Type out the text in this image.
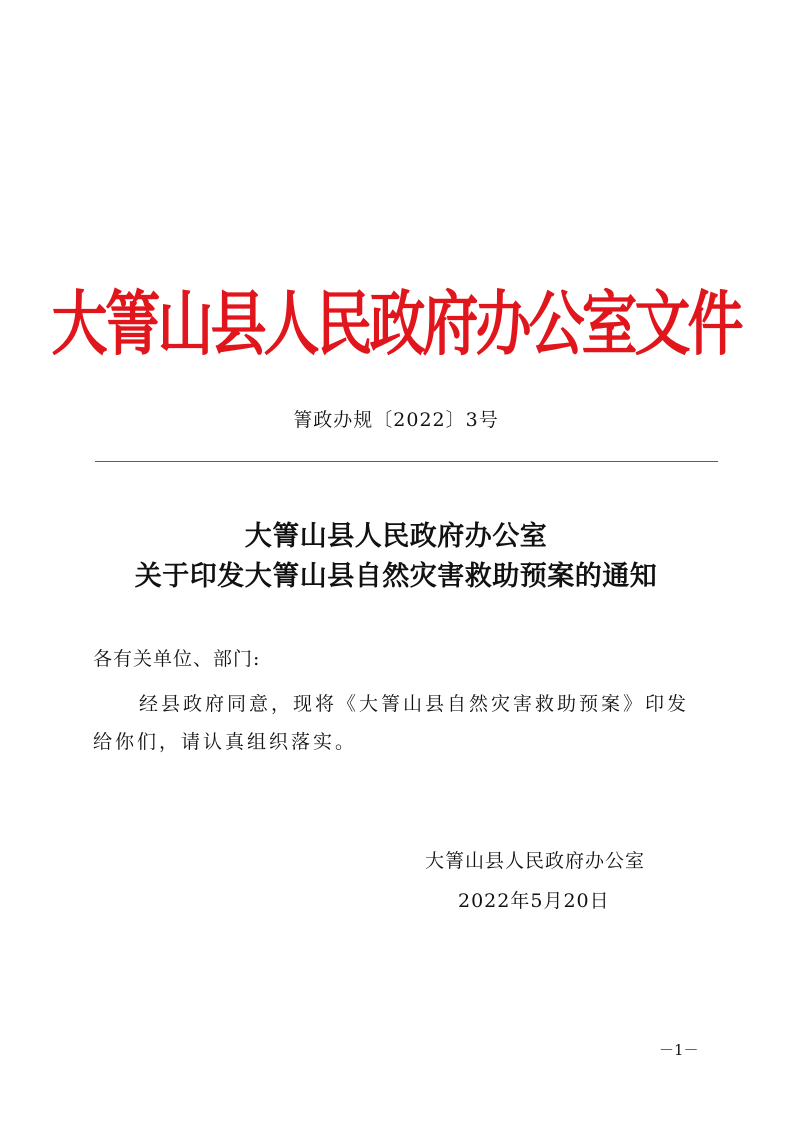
大箐山县人民政府办公室文件
箐政办规〔2022〕3号
大箐山县人民政府办公室
关于印发大箐山县自然灾害救助预案的通知
各有关单位、部门:
经县政府同意，现将《大箐山县自然灾害救助预案》印发给你们，请认真组织落实。
大箐山县人民政府办公室
2022年5月20日
－1－
